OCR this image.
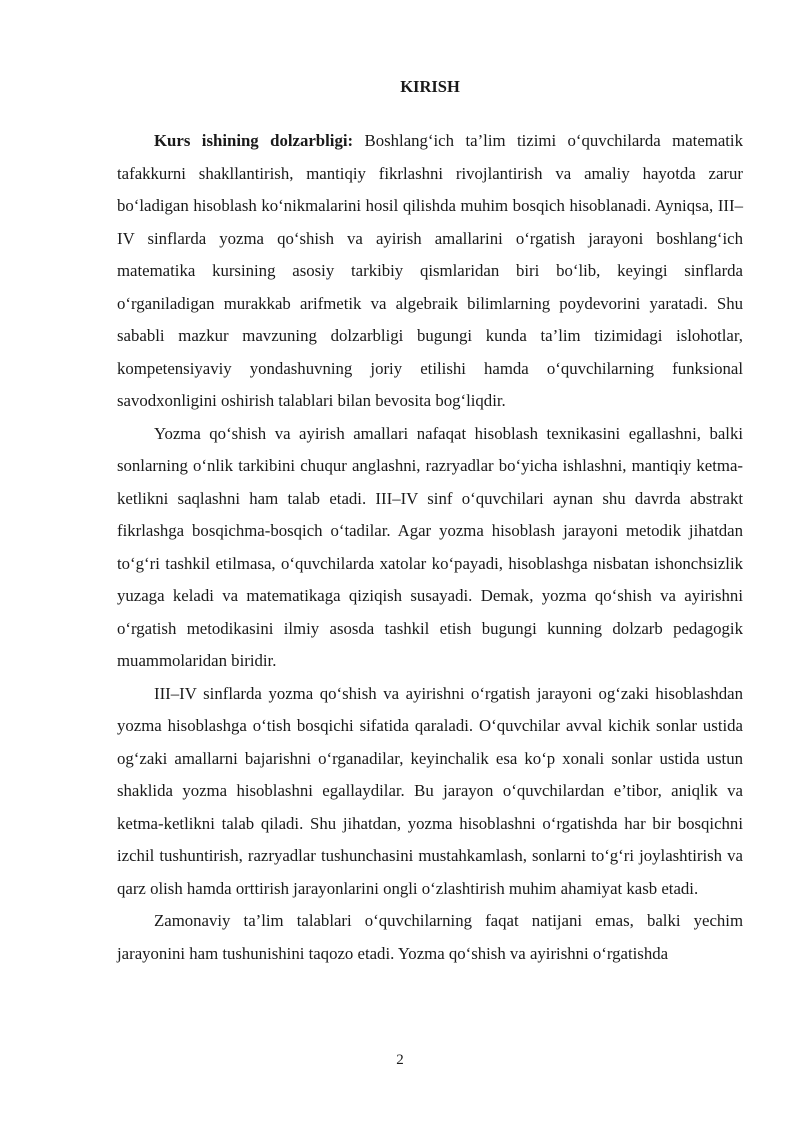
KIRISH

Kurs ishining dolzarbligi: Boshlang‘ich ta’lim tizimi o‘quvchilarda matematik tafakkurni shakllantirish, mantiqiy fikrlashni rivojlantirish va amaliy hayotda zarur bo‘ladigan hisoblash ko‘nikmalarini hosil qilishda muhim bosqich hisoblanadi. Ayniqsa, III–IV sinflarda yozma qo‘shish va ayirish amallarini o‘rgatish jarayoni boshlang‘ich matematika kursining asosiy tarkibiy qismlaridan biri bo‘lib, keyingi sinflarda o‘rganiladigan murakkab arifmetik va algebraik bilimlarning poydevorini yaratadi. Shu sababli mazkur mavzuning dolzarbligi bugungi kunda ta’lim tizimidagi islohotlar, kompetensiyaviy yondashuvning joriy etilishi hamda o‘quvchilarning funksional savodxonligini oshirish talablari bilan bevosita bog‘liqdir.

Yozma qo‘shish va ayirish amallari nafaqat hisoblash texnikasini egallashni, balki sonlarning o‘nlik tarkibini chuqur anglashni, razryadlar bo‘yicha ishlashni, mantiqiy ketma-ketlikni saqlashni ham talab etadi. III–IV sinf o‘quvchilari aynan shu davrda abstrakt fikrlashga bosqichma-bosqich o‘tadilar. Agar yozma hisoblash jarayoni metodik jihatdan to‘g‘ri tashkil etilmasa, o‘quvchilarda xatolar ko‘payadi, hisoblashga nisbatan ishonchsizlik yuzaga keladi va matematikaga qiziqish susayadi. Demak, yozma qo‘shish va ayirishni o‘rgatish metodikasini ilmiy asosda tashkil etish bugungi kunning dolzarb pedagogik muammolaridan biridir.

III–IV sinflarda yozma qo‘shish va ayirishni o‘rgatish jarayoni og‘zaki hisoblashdan yozma hisoblashga o‘tish bosqichi sifatida qaraladi. O‘quvchilar avval kichik sonlar ustida og‘zaki amallarni bajarishni o‘rganadilar, keyinchalik esa ko‘p xonali sonlar ustida ustun shaklida yozma hisoblashni egallaydilar. Bu jarayon o‘quvchilardan e’tibor, aniqlik va ketma-ketlikni talab qiladi. Shu jihatdan, yozma hisoblashni o‘rgatishda har bir bosqichni izchil tushuntirish, razryadlar tushunchasini mustahkamlash, sonlarni to‘g‘ri joylashtirish va qarz olish hamda orttirish jarayonlarini ongli o‘zlashtirish muhim ahamiyat kasb etadi.

Zamonaviy ta’lim talablari o‘quvchilarning faqat natijani emas, balki yechim jarayonini ham tushunishini taqozo etadi. Yozma qo‘shish va ayirishni o‘rgatishda

2
